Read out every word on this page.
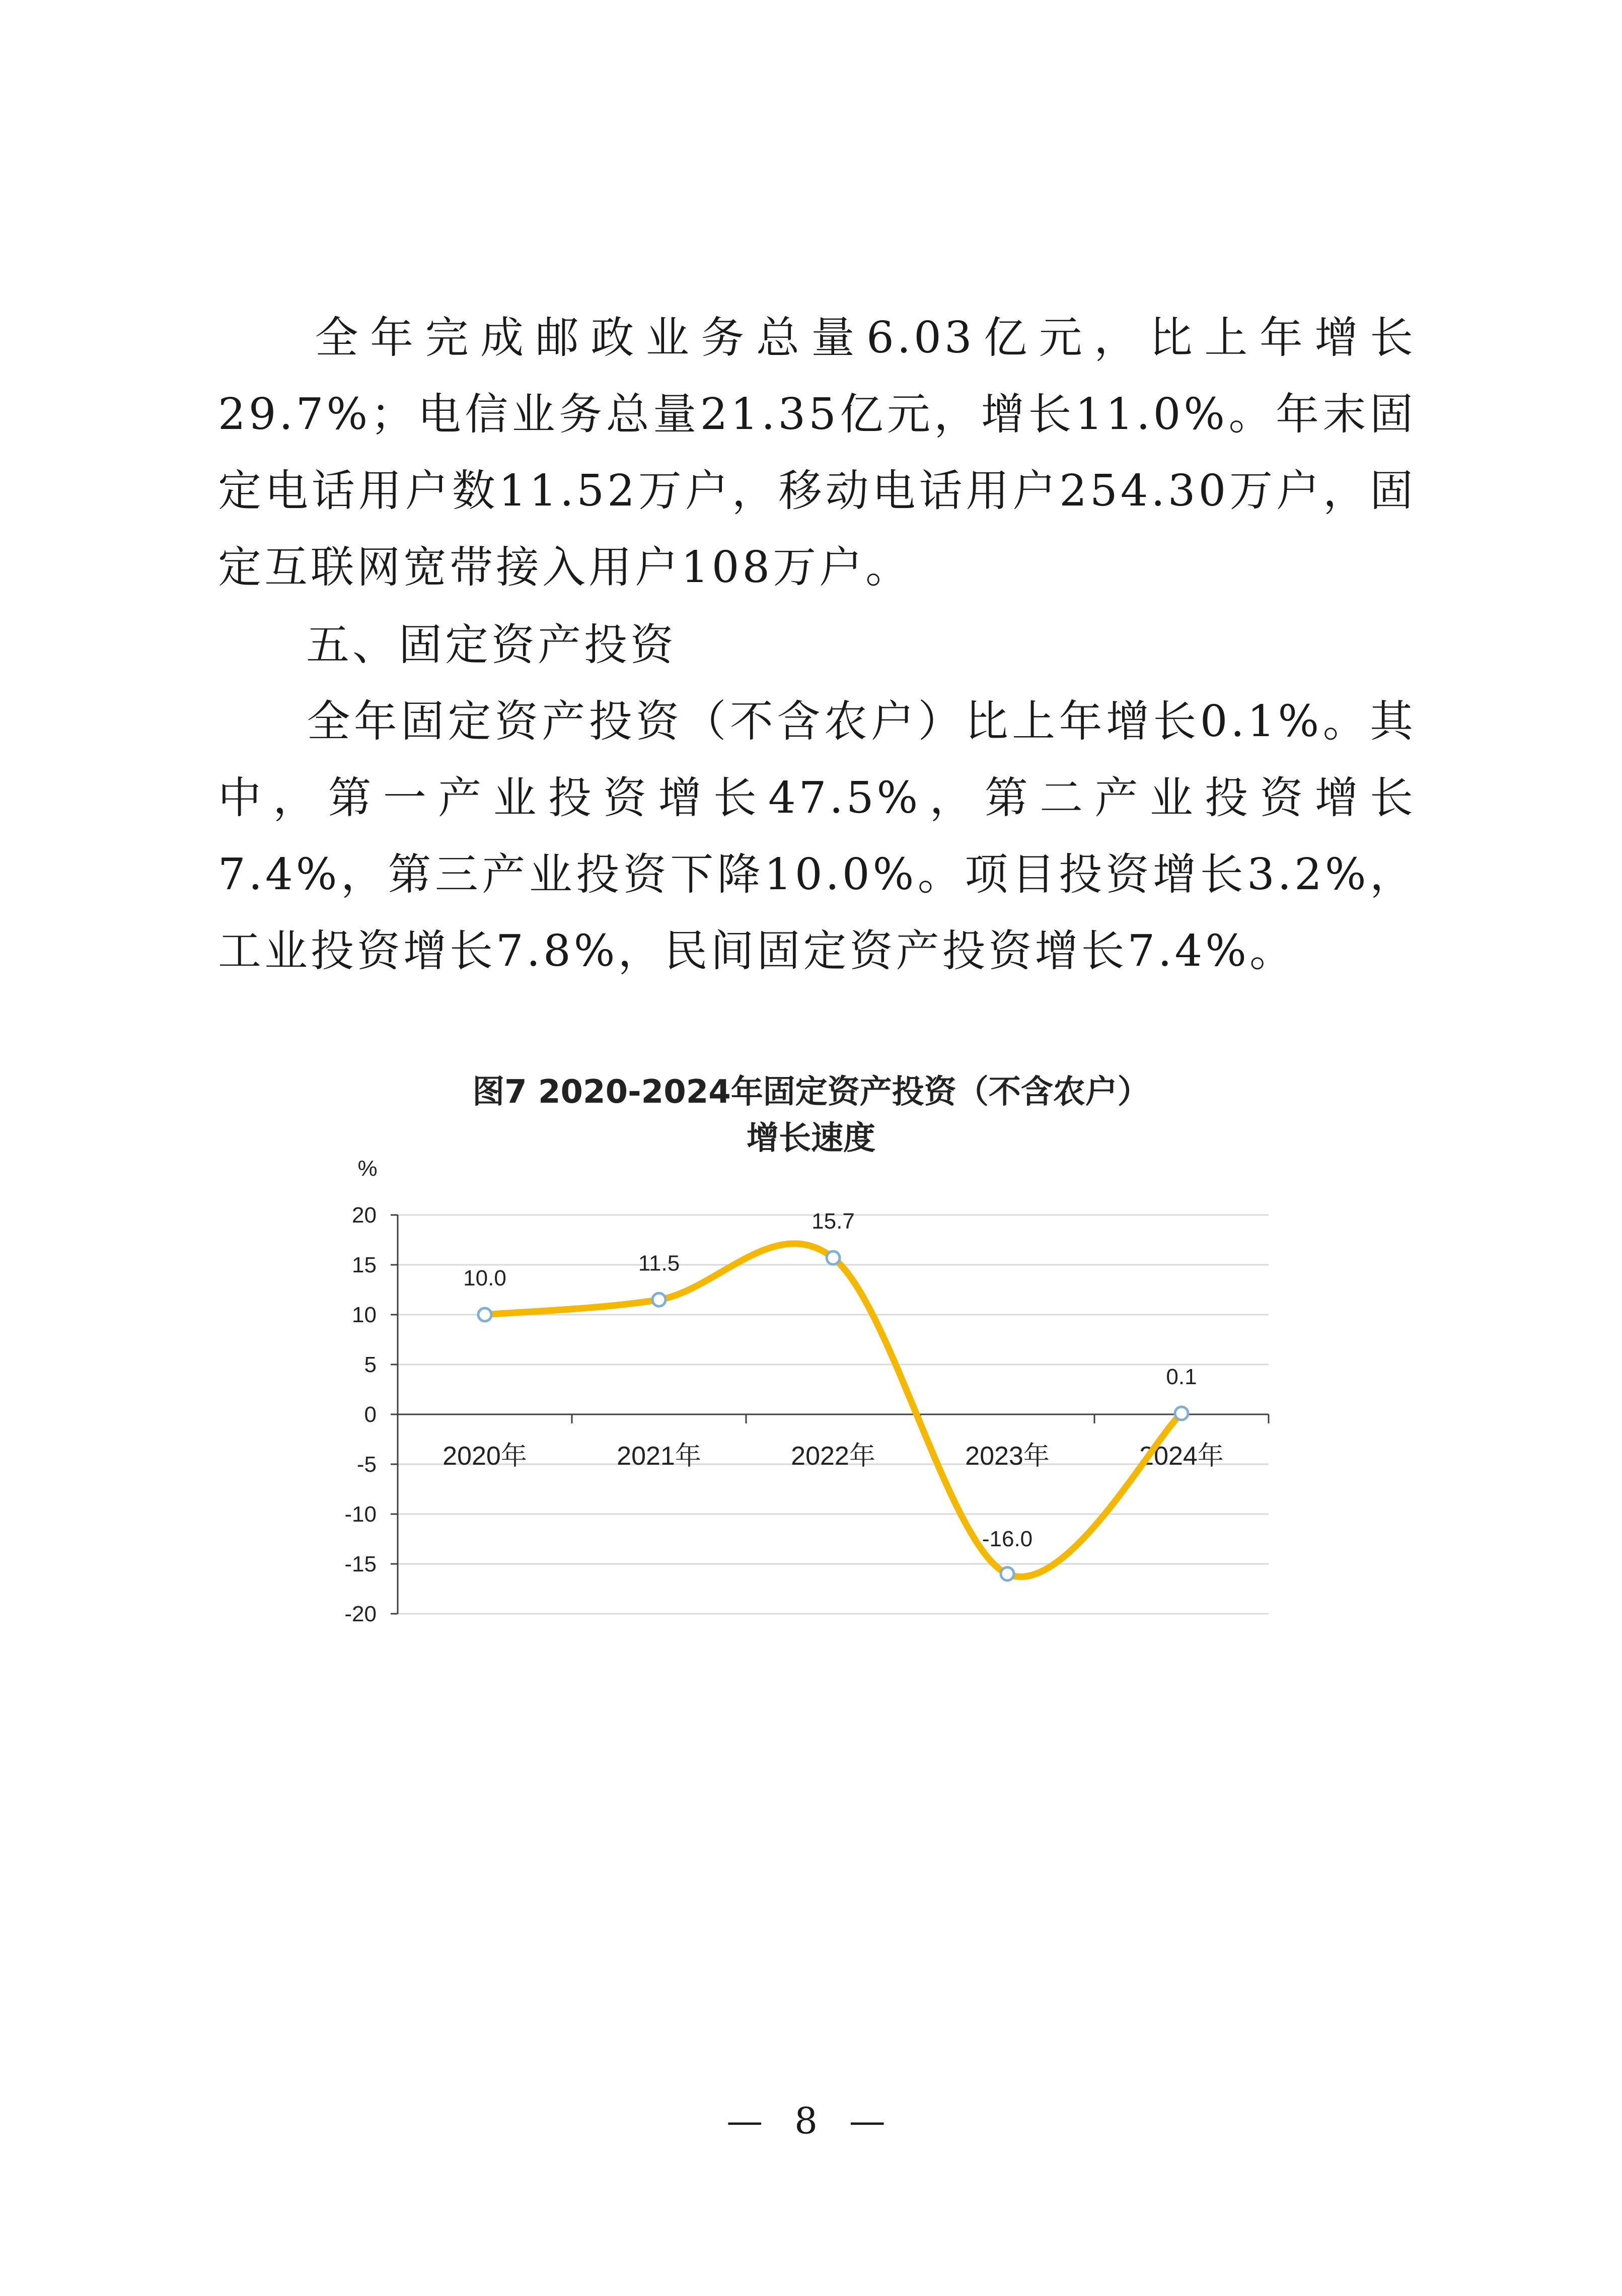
全年完成邮政业务总量6.03亿元，比上年增长29.7%；电信业务总量21.35亿元，增长11.0%。年末固定电话用户数11.52万户，移动电话用户254.30万户，固定互联网宽带接入用户108万户。

五、固定资产投资

全年固定资产投资（不含农户）比上年增长0.1%。其中，第一产业投资增长47.5%，第二产业投资增长7.4%，第三产业投资下降10.0%。项目投资增长3.2%，工业投资增长7.8%，民间固定资产投资增长7.4%。

图7 2020-2024年固定资产投资（不含农户）
增长速度
%
20
15
10
5
0
-5
-10
-15
-20
2020年	2021年	2022年	2023年	2024年
10.0
11.5
15.7
-16.0
0.1
— 8 —
